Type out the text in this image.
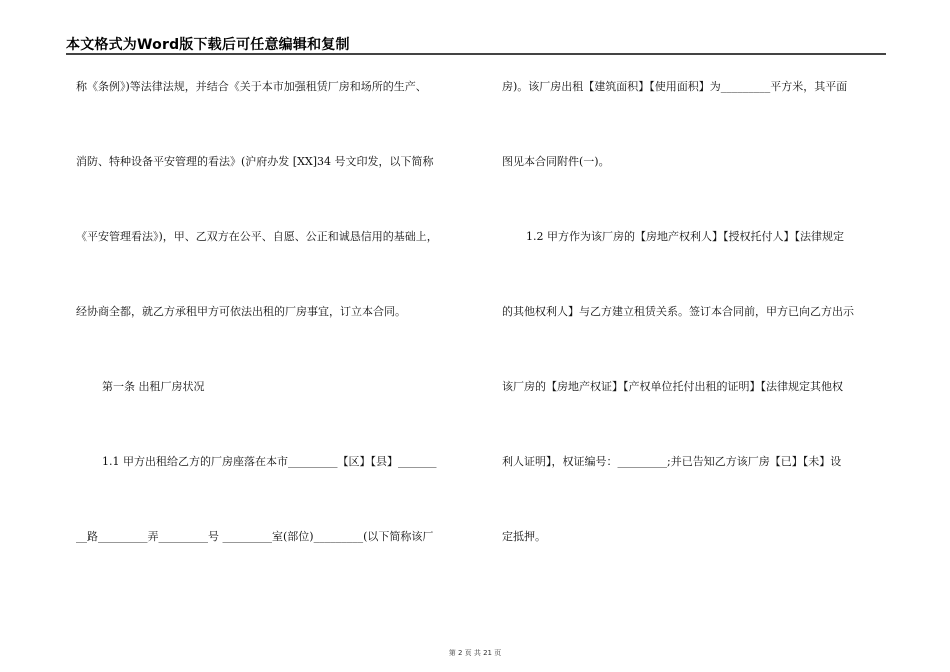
本文格式为Word版下载后可任意编辑和复制
称《条例》)等法律法规，并结合《关于本市加强租赁厂房和场所的生产、
消防、特种设备平安管理的看法》(沪府办发 [XX]34 号文印发，以下简称
《平安管理看法》)，甲、乙双方在公平、自愿、公正和诚恳信用的基础上，
经协商全都，就乙方承租甲方可依法出租的厂房事宜，订立本合同。
第一条 出租厂房状况
1.1 甲方出租给乙方的厂房座落在本市_________【区】【县】_______
__路_________弄_________号 _________室(部位)_________(以下简称该厂
房)。该厂房出租【建筑面积】【使用面积】为_________平方米，其平面
图见本合同附件(一)。
1.2 甲方作为该厂房的【房地产权利人】【授权托付人】【法律规定
的其他权利人】与乙方建立租赁关系。签订本合同前，甲方已向乙方出示
该厂房的【房地产权证】【产权单位托付出租的证明】【法律规定其他权
利人证明】，权证编号：_________;并已告知乙方该厂房【已】【未】设
定抵押。
第 2 页 共 21 页
